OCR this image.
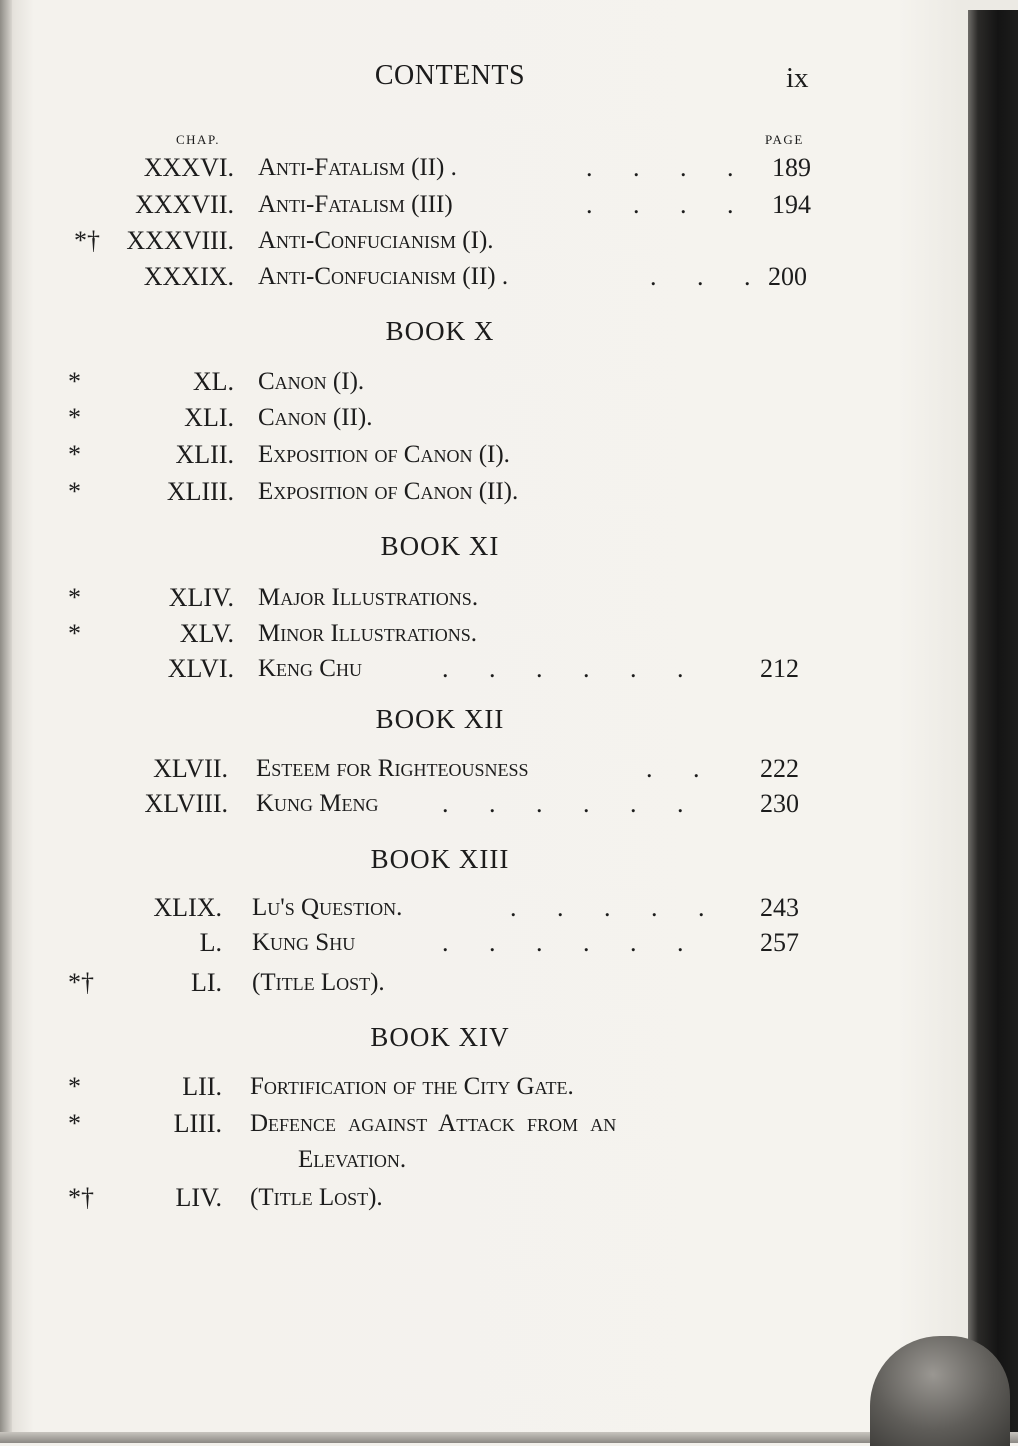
CONTENTS	ix
CHAP.	PAGE
XXXVI. Anti-Fatalism (II) .	. . . . 189
XXXVII. Anti-Fatalism (III)	. . . . 194
*† XXXVIII. Anti-Confucianism (I).
XXXIX. Anti-Confucianism (II) .	. . . 200
BOOK X
*	XL. Canon (I).
*	XLI. Canon (II).
*	XLII. Exposition of Canon (I).
*	XLIII. Exposition of Canon (II).
BOOK XI
*	XLIV. Major Illustrations.
*	XLV. Minor Illustrations.
XLVI. Keng Chu	. . . . . .	212
BOOK XII
XLVII. Esteem for Righteousness	. . 222
XLVIII. Kung Meng . . . . . .	230
BOOK XIII
XLIX. Lu's Question.	. . . . . 243
L. Kung Shu	. . . . . .	257
*†	LI. (Title Lost).
BOOK XIV
*	LII. Fortification of the City Gate.
*	LIII. Defence against Attack from an
Elevation.
*†	LIV. (Title Lost).
